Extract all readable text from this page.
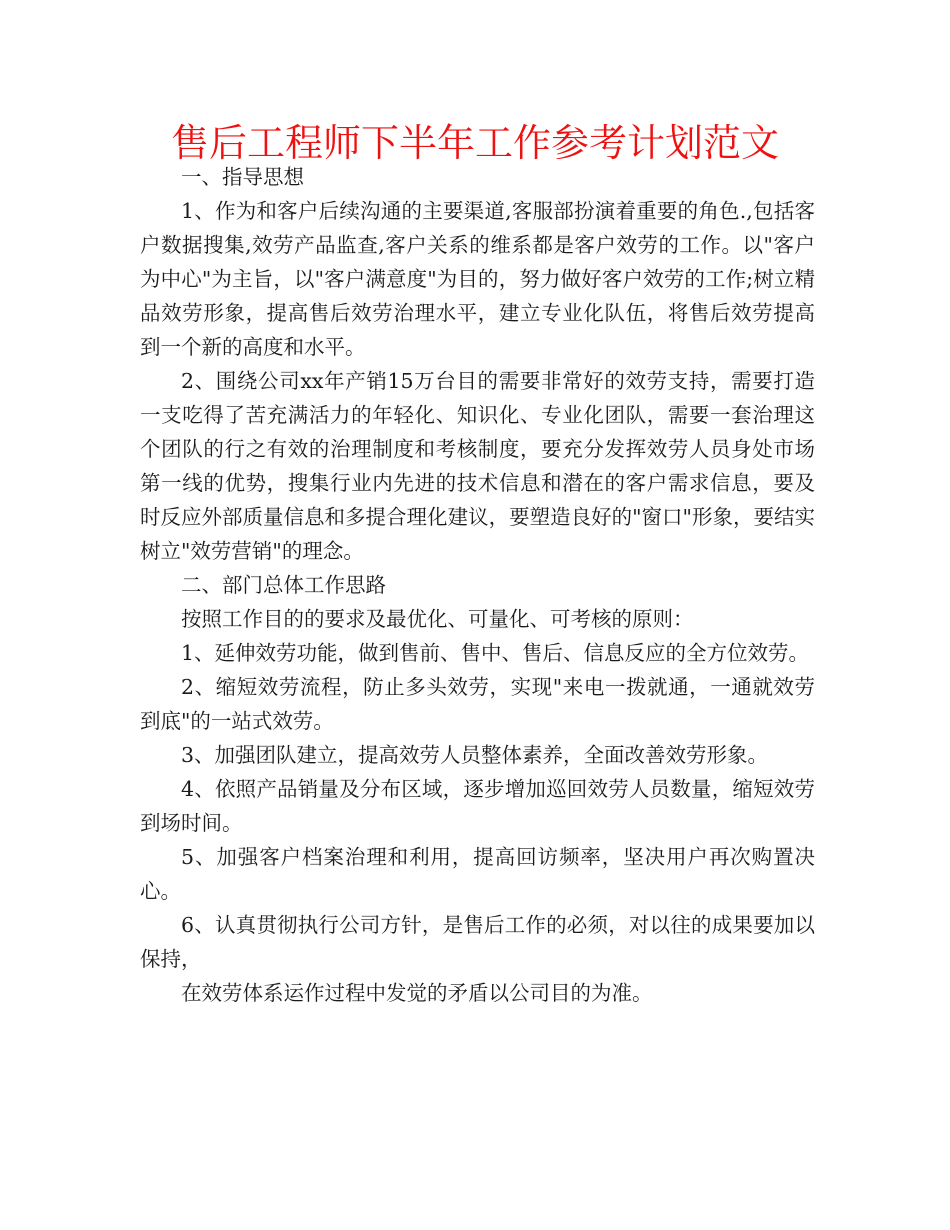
售后工程师下半年工作参考计划范文

一、指导思想

1、作为和客户后续沟通的主要渠道,客服部扮演着重要的角色.,包括客户数据搜集,效劳产品监查,客户关系的维系都是客户效劳的工作。以"客户为中心"为主旨，以"客户满意度"为目的，努力做好客户效劳的工作;树立精品效劳形象，提高售后效劳治理水平，建立专业化队伍，将售后效劳提高到一个新的高度和水平。

2、围绕公司xx年产销15万台目的需要非常好的效劳支持，需要打造一支吃得了苦充满活力的年轻化、知识化、专业化团队，需要一套治理这个团队的行之有效的治理制度和考核制度，要充分发挥效劳人员身处市场第一线的优势，搜集行业内先进的技术信息和潜在的客户需求信息，要及时反应外部质量信息和多提合理化建议，要塑造良好的"窗口"形象，要结实树立"效劳营销"的理念。

二、部门总体工作思路

按照工作目的的要求及最优化、可量化、可考核的原则：

1、延伸效劳功能，做到售前、售中、售后、信息反应的全方位效劳。

2、缩短效劳流程，防止多头效劳，实现"来电一拨就通，一通就效劳到底"的一站式效劳。

3、加强团队建立，提高效劳人员整体素养，全面改善效劳形象。

4、依照产品销量及分布区域，逐步增加巡回效劳人员数量，缩短效劳到场时间。

5、加强客户档案治理和利用，提高回访频率，坚决用户再次购置决心。

6、认真贯彻执行公司方针，是售后工作的必须，对以往的成果要加以保持，

在效劳体系运作过程中发觉的矛盾以公司目的为准。
